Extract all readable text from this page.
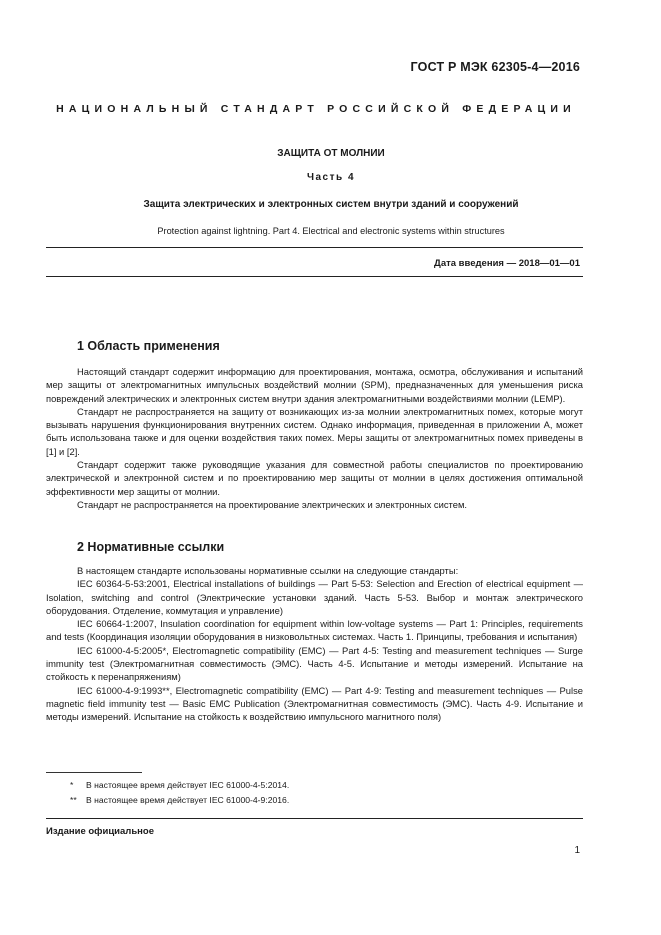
ГОСТ Р МЭК 62305-4—2016
НАЦИОНАЛЬНЫЙ СТАНДАРТ РОССИЙСКОЙ ФЕДЕРАЦИИ
ЗАЩИТА ОТ МОЛНИИ
Часть 4
Защита электрических и электронных систем внутри зданий и сооружений
Protection against lightning. Part 4. Electrical and electronic systems within structures
Дата введения — 2018—01—01
1 Область применения

Настоящий стандарт содержит информацию для проектирования, монтажа, осмотра, обслуживания и испытаний мер защиты от электромагнитных импульсных воздействий молнии (SPM), предназначенных для уменьшения риска повреждений электрических и электронных систем внутри здания электромагнитными воздействиями молнии (LEMP).

Стандарт не распространяется на защиту от возникающих из-за молнии электромагнитных помех, которые могут вызывать нарушения функционирования внутренних систем. Однако информация, приведенная в приложении А, может быть использована также и для оценки воздействия таких помех. Меры защиты от электромагнитных помех приведены в [1] и [2].

Стандарт содержит также руководящие указания для совместной работы специалистов по проектированию электрической и электронной систем и по проектированию мер защиты от молнии в целях достижения оптимальной эффективности мер защиты от молнии.

Стандарт не распространяется на проектирование электрических и электронных систем.

2 Нормативные ссылки

В настоящем стандарте использованы нормативные ссылки на следующие стандарты:

IEC 60364-5-53:2001, Electrical installations of buildings — Part 5-53: Selection and Erection of electrical equipment — Isolation, switching and control (Электрические установки зданий. Часть 5-53. Выбор и монтаж электрического оборудования. Отделение, коммутация и управление)

IEC 60664-1:2007, Insulation coordination for equipment within low-voltage systems — Part 1: Principles, requirements and tests (Координация изоляции оборудования в низковольтных системах. Часть 1. Принципы, требования и испытания)

IEC 61000-4-5:2005*, Electromagnetic compatibility (EMC) — Part 4-5: Testing and measurement techniques — Surge immunity test (Электромагнитная совместимость (ЭМС). Часть 4-5. Испытание и методы измерений. Испытание на стойкость к перенапряжениям)

IEC 61000-4-9:1993**, Electromagnetic compatibility (EMC) — Part 4-9: Testing and measurement techniques — Pulse magnetic field immunity test — Basic EMC Publication (Электромагнитная совместимость (ЭМС). Часть 4-9. Испытание и методы измерений. Испытание на стойкость к воздействию импульсного магнитного поля)

* В настоящее время действует IEC 61000-4-5:2014.
** В настоящее время действует IEC 61000-4-9:2016.
Издание официальное
1
